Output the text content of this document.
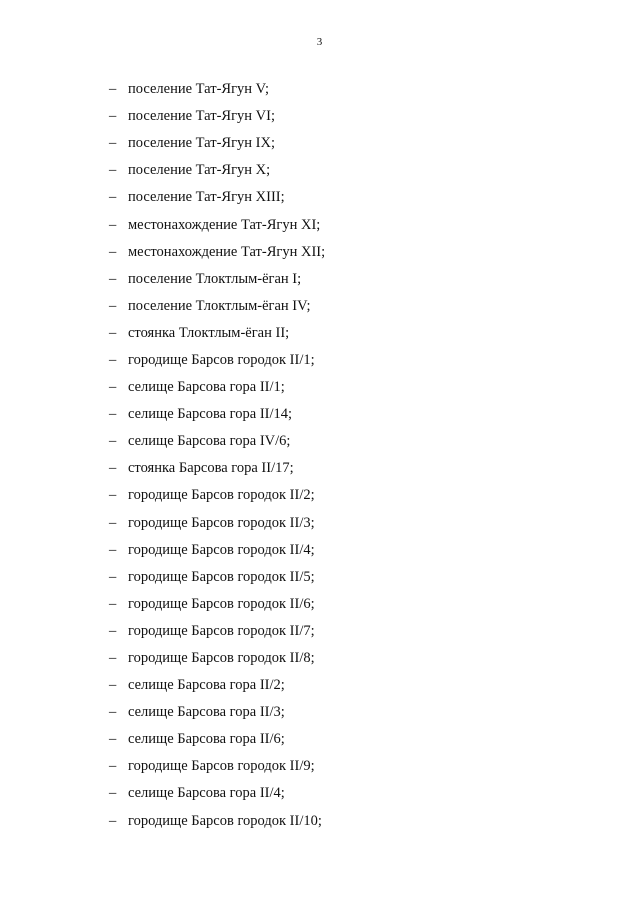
3
– поселение Тат-Ягун V;
– поселение Тат-Ягун VI;
– поселение Тат-Ягун IX;
– поселение Тат-Ягун X;
– поселение Тат-Ягун XIII;
– местонахождение Тат-Ягун XI;
– местонахождение Тат-Ягун XII;
– поселение Тлоктлым-ёган I;
– поселение Тлоктлым-ёган IV;
– стоянка Тлоктлым-ёган II;
– городище Барсов городок II/1;
– селище Барсова гора II/1;
– селище Барсова гора II/14;
– селище Барсова гора IV/6;
– стоянка Барсова гора II/17;
– городище Барсов городок II/2;
– городище Барсов городок II/3;
– городище Барсов городок II/4;
– городище Барсов городок II/5;
– городище Барсов городок II/6;
– городище Барсов городок II/7;
– городище Барсов городок II/8;
– селище Барсова гора II/2;
– селище Барсова гора II/3;
– селище Барсова гора II/6;
– городище Барсов городок II/9;
– селище Барсова гора II/4;
– городище Барсов городок II/10;
